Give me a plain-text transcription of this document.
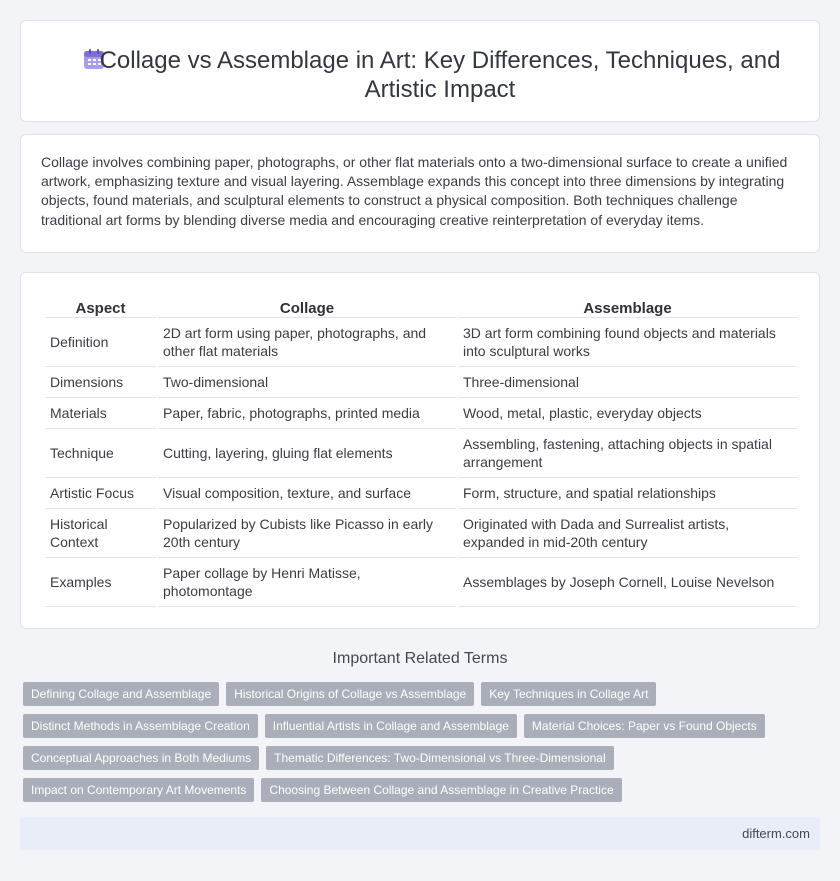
Collage vs Assemblage in Art: Key Differences, Techniques, and Artistic Impact

Collage involves combining paper, photographs, or other flat materials onto a two-dimensional surface to create a unified artwork, emphasizing texture and visual layering. Assemblage expands this concept into three dimensions by integrating objects, found materials, and sculptural elements to construct a physical composition. Both techniques challenge traditional art forms by blending diverse media and encouraging creative reinterpretation of everyday items.

Aspect	Collage	Assemblage
Definition	2D art form using paper, photographs, and other flat materials	3D art form combining found objects and materials into sculptural works
Dimensions	Two-dimensional	Three-dimensional
Materials	Paper, fabric, photographs, printed media	Wood, metal, plastic, everyday objects
Technique	Cutting, layering, gluing flat elements	Assembling, fastening, attaching objects in spatial arrangement
Artistic Focus	Visual composition, texture, and surface	Form, structure, and spatial relationships
Historical Context	Popularized by Cubists like Picasso in early 20th century	Originated with Dada and Surrealist artists, expanded in mid-20th century
Examples	Paper collage by Henri Matisse, photomontage	Assemblages by Joseph Cornell, Louise Nevelson
Important Related Terms
Defining Collage and Assemblage	Historical Origins of Collage vs Assemblage	Key Techniques in Collage Art
Distinct Methods in Assemblage Creation	Influential Artists in Collage and Assemblage	Material Choices: Paper vs Found Objects
Conceptual Approaches in Both Mediums	Thematic Differences: Two-Dimensional vs Three-Dimensional
Impact on Contemporary Art Movements	Choosing Between Collage and Assemblage in Creative Practice
difterm.com
